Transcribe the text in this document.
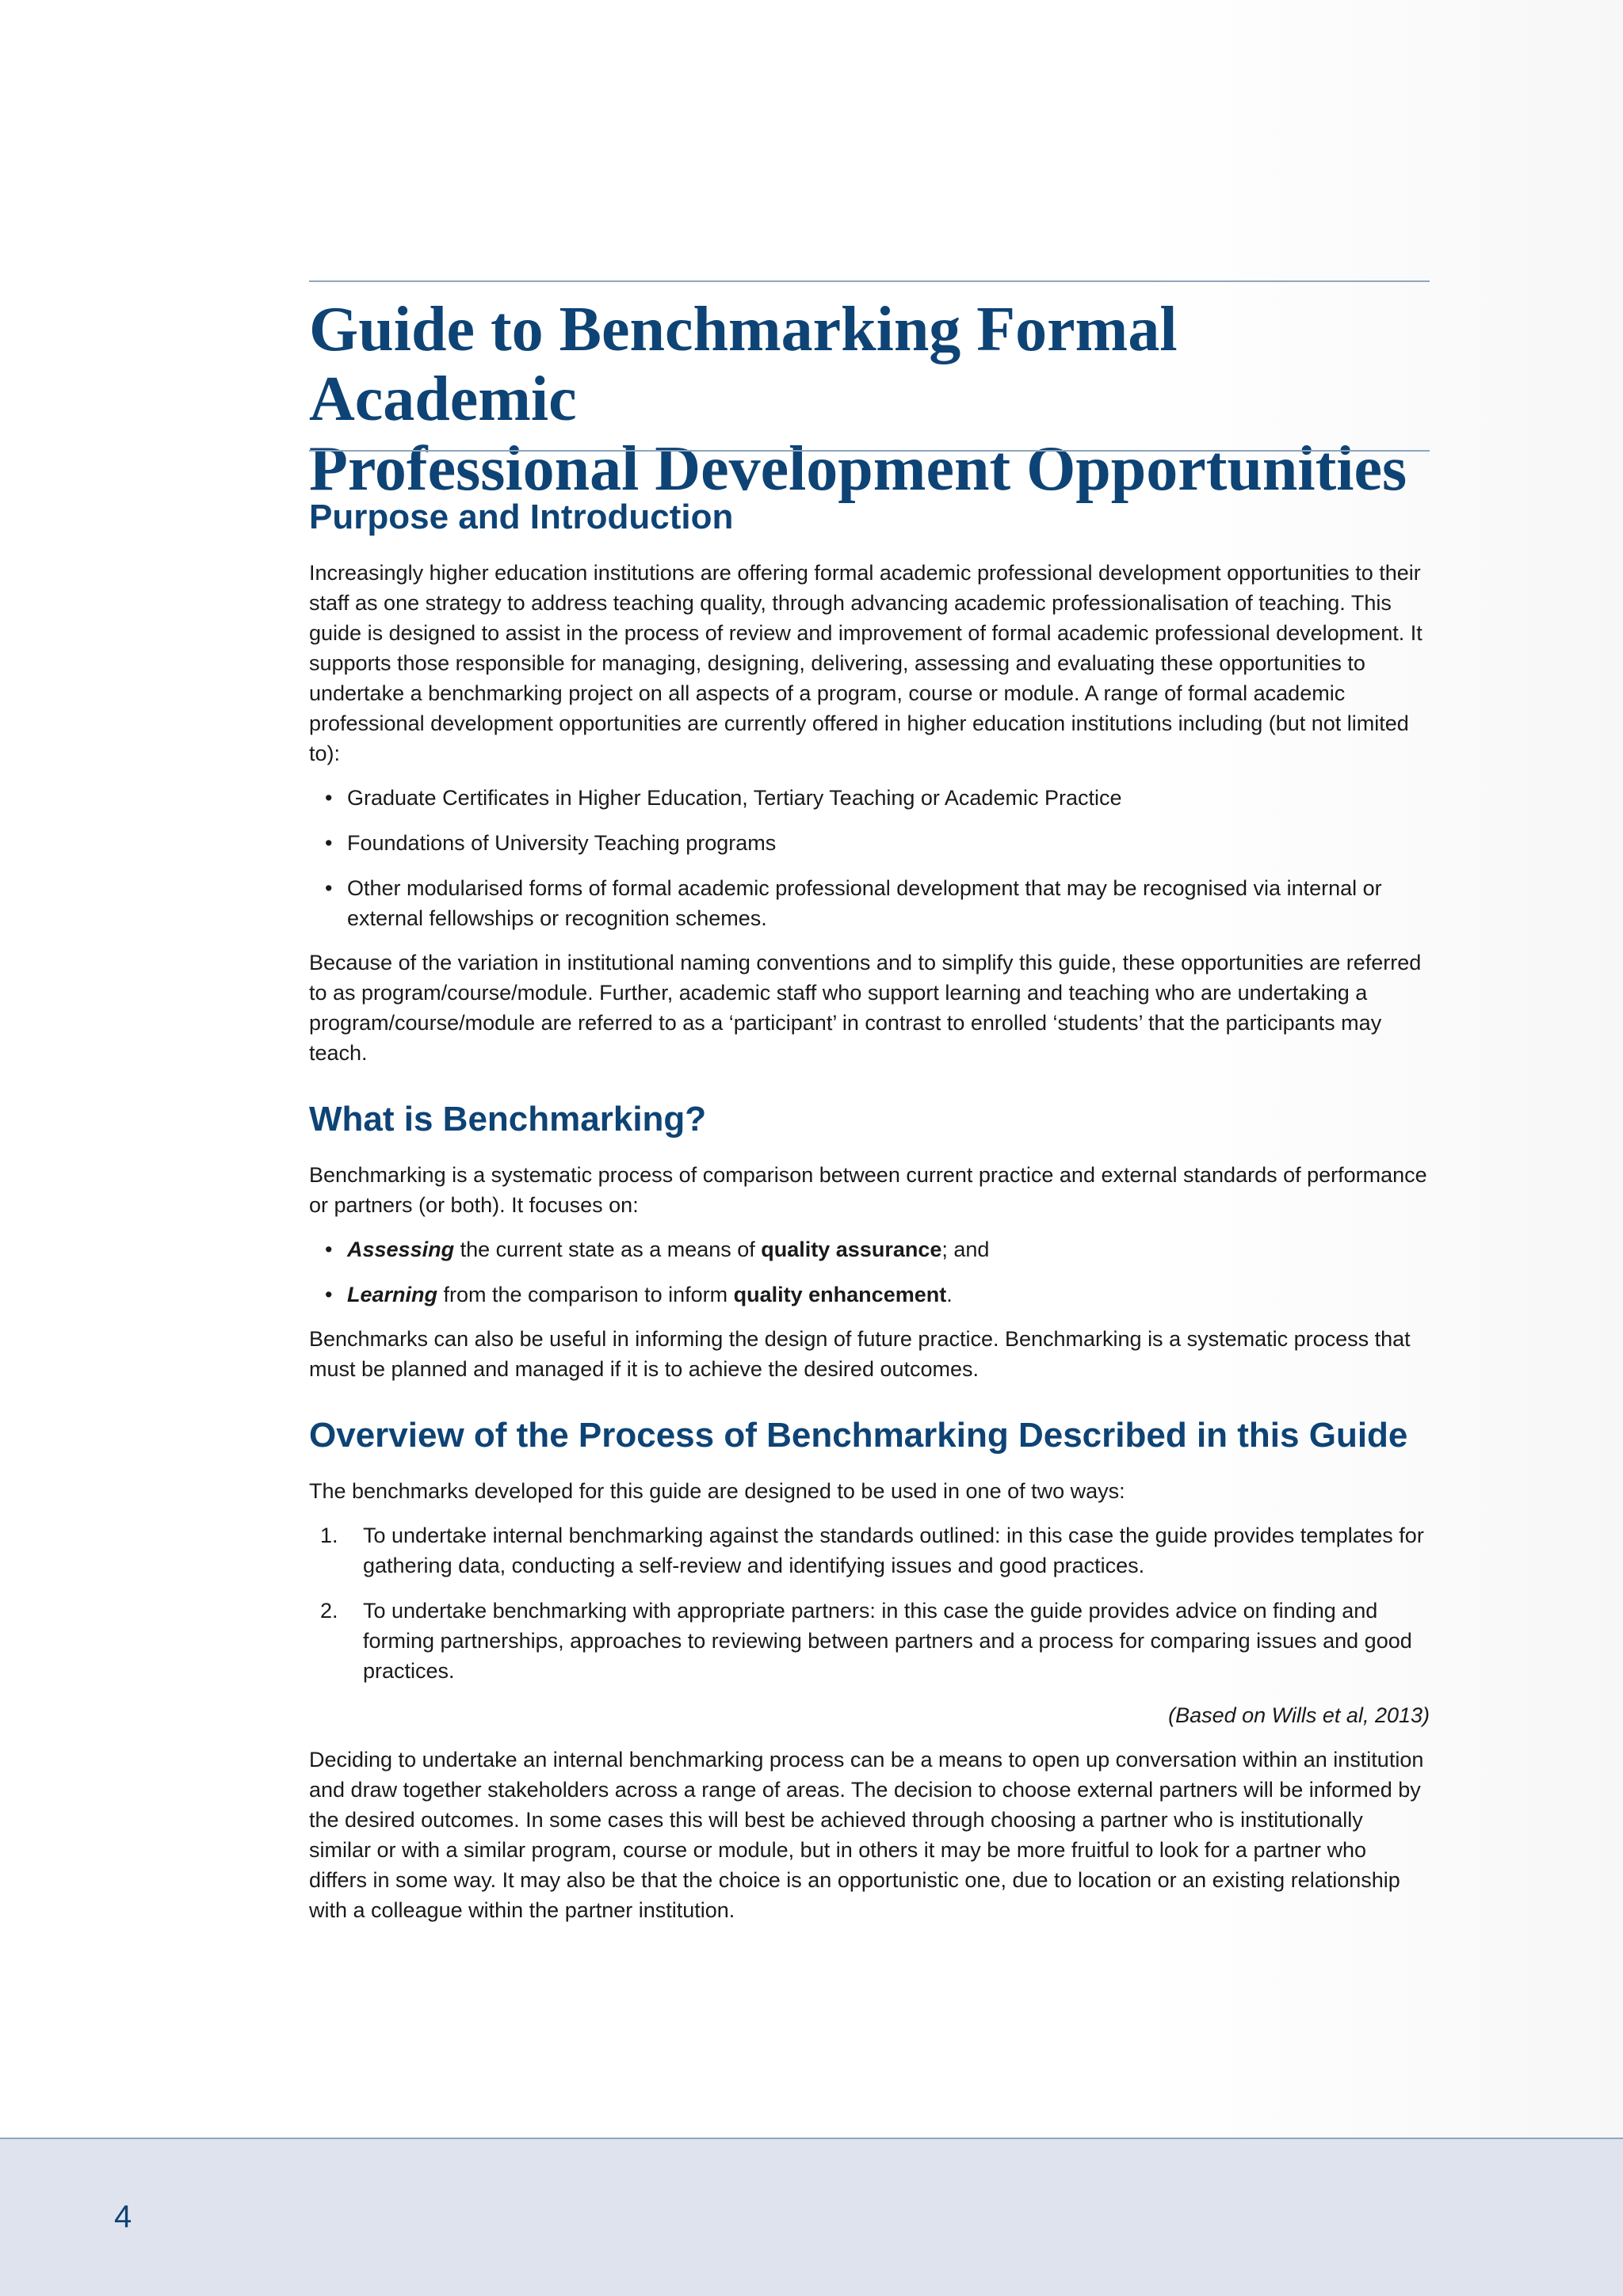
Guide to Benchmarking Formal Academic
Professional Development Opportunities
Purpose and Introduction

Increasingly higher education institutions are offering formal academic professional development opportunities to their staff as one strategy to address teaching quality, through advancing academic professionalisation of teaching. This guide is designed to assist in the process of review and improvement of formal academic professional development. It supports those responsible for managing, designing, delivering, assessing and evaluating these opportunities to undertake a benchmarking project on all aspects of a program, course or module. A range of formal academic professional development opportunities are currently offered in higher education institutions including (but not limited to):

• Graduate Certificates in Higher Education, Tertiary Teaching or Academic Practice
• Foundations of University Teaching programs
• Other modularised forms of formal academic professional development that may be recognised via internal or external fellowships or recognition schemes.

Because of the variation in institutional naming conventions and to simplify this guide, these opportunities are referred to as program/course/module. Further, academic staff who support learning and teaching who are undertaking a program/course/module are referred to as a ‘participant’ in contrast to enrolled ‘students’ that the participants may teach.

What is Benchmarking?

Benchmarking is a systematic process of comparison between current practice and external standards of performance or partners (or both). It focuses on:

• Assessing the current state as a means of quality assurance; and
• Learning from the comparison to inform quality enhancement.

Benchmarks can also be useful in informing the design of future practice. Benchmarking is a systematic process that must be planned and managed if it is to achieve the desired outcomes.

Overview of the Process of Benchmarking Described in this Guide

The benchmarks developed for this guide are designed to be used in one of two ways:

1. To undertake internal benchmarking against the standards outlined: in this case the guide provides templates for gathering data, conducting a self-review and identifying issues and good practices.
2. To undertake benchmarking with appropriate partners: in this case the guide provides advice on finding and forming partnerships, approaches to reviewing between partners and a process for comparing issues and good practices.

(Based on Wills et al, 2013)

Deciding to undertake an internal benchmarking process can be a means to open up conversation within an institution and draw together stakeholders across a range of areas. The decision to choose external partners will be informed by the desired outcomes. In some cases this will best be achieved through choosing a partner who is institutionally similar or with a similar program, course or module, but in others it may be more fruitful to look for a partner who differs in some way. It may also be that the choice is an opportunistic one, due to location or an existing relationship with a colleague within the partner institution.

4
